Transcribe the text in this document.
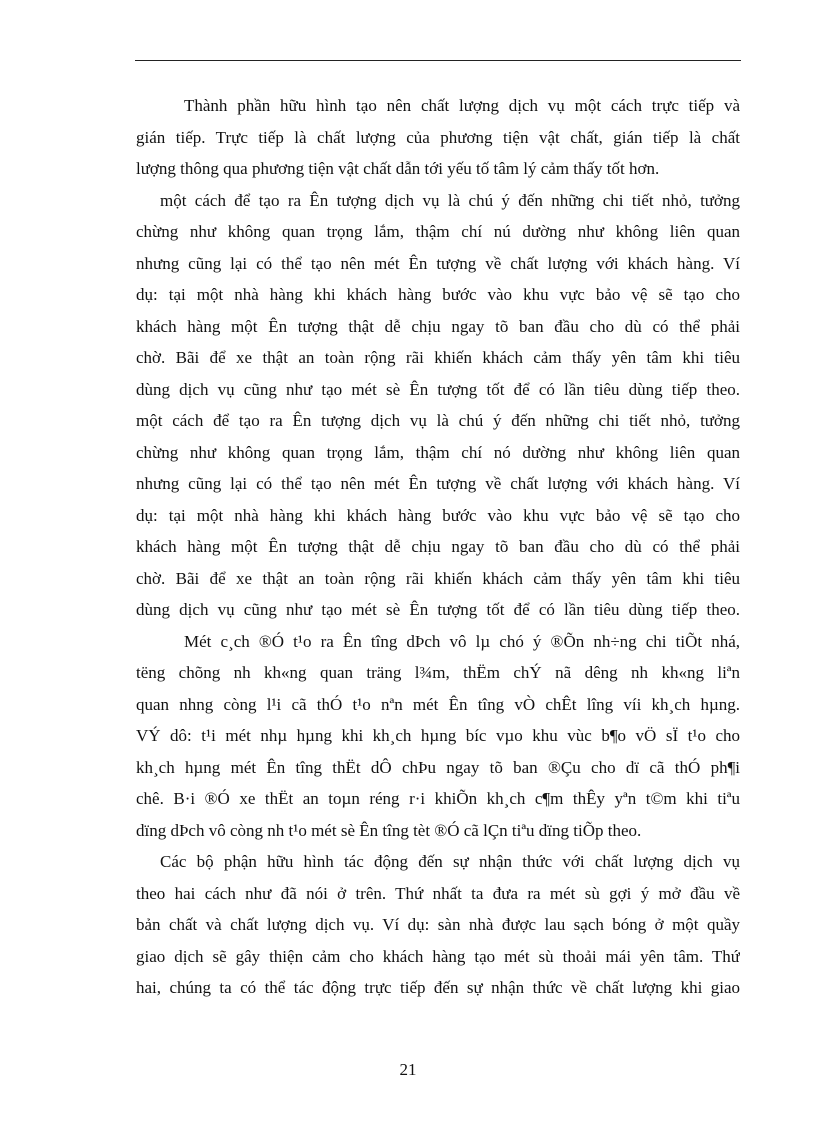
Thành phần hữu hình tạo nên chất lượng dịch vụ một cách trực tiếp và
gián tiếp. Trực tiếp là chất lượng của phương tiện vật chất, gián tiếp là chất
lượng thông qua phương tiện vật chất dẫn tới yếu tố tâm lý cảm thấy tốt hơn.
một cách để tạo ra Ên tượng dịch vụ là chú ý đến những chi tiết nhỏ, tưởng
chừng như không quan trọng lắm, thậm chí nú dường như không liên quan
nhưng cũng lại có thể tạo nên mét Ên tượng về chất lượng với khách hàng. Ví
dụ: tại một nhà hàng khi khách hàng bước vào khu vực bảo vệ sẽ tạo cho
khách hàng một Ên tượng thật dễ chịu ngay tõ ban đầu cho dù có thể phải
chờ. Bãi để xe thật an toàn rộng rãi khiến khách cảm thấy yên tâm khi tiêu
dùng dịch vụ cũng như tạo mét sè Ên tượng tốt để có lần tiêu dùng tiếp theo.
một cách để tạo ra Ên tượng dịch vụ là chú ý đến những chi tiết nhỏ, tưởng
chừng như không quan trọng lắm, thậm chí nó dường như không liên quan
nhưng cũng lại có thể tạo nên mét Ên tượng về chất lượng với khách hàng. Ví
dụ: tại một nhà hàng khi khách hàng bước vào khu vực bảo vệ sẽ tạo cho
khách hàng một Ên tượng thật dễ chịu ngay tõ ban đầu cho dù có thể phải
chờ. Bãi để xe thật an toàn rộng rãi khiến khách cảm thấy yên tâm khi tiêu
dùng dịch vụ cũng như tạo mét sè Ên tượng tốt để có lần tiêu dùng tiếp theo.
Mét c¸ch ®Ó t¹o ra Ên tîng dÞch vô lµ chó ý ®Õn nh÷ng chi tiÕt nhá,
tëng chõng nh kh«ng quan träng l¾m, thËm chÝ nã dêng nh kh«ng liªn
quan nhng còng l¹i cã thÓ t¹o nªn mét Ên tîng vÒ chÊt lîng víi kh¸ch hµng.
VÝ dô: t¹i mét nhµ hµng khi kh¸ch hµng bíc vµo khu vùc b¶o vÖ sÏ t¹o cho
kh¸ch hµng mét Ên tîng thËt dÔ chÞu ngay tõ ban ®Çu cho dï cã thÓ ph¶i
chê. B·i ®Ó xe thËt an toµn réng r·i khiÕn kh¸ch c¶m thÊy yªn t©m khi tiªu
dïng dÞch vô còng nh t¹o mét sè Ên tîng tèt ®Ó cã lÇn tiªu dïng tiÕp theo.
Các bộ phận hữu hình tác động đến sự nhận thức với chất lượng dịch vụ
theo hai cách như đã nói ở trên. Thứ nhất ta đưa ra mét sù gợi ý mở đầu về
bản chất và chất lượng dịch vụ. Ví dụ: sàn nhà được lau sạch bóng ở một quầy
giao dịch sẽ gây thiện cảm cho khách hàng tạo mét sù thoải mái yên tâm. Thứ
hai, chúng ta có thể tác động trực tiếp đến sự nhận thức về chất lượng khi giao
21
